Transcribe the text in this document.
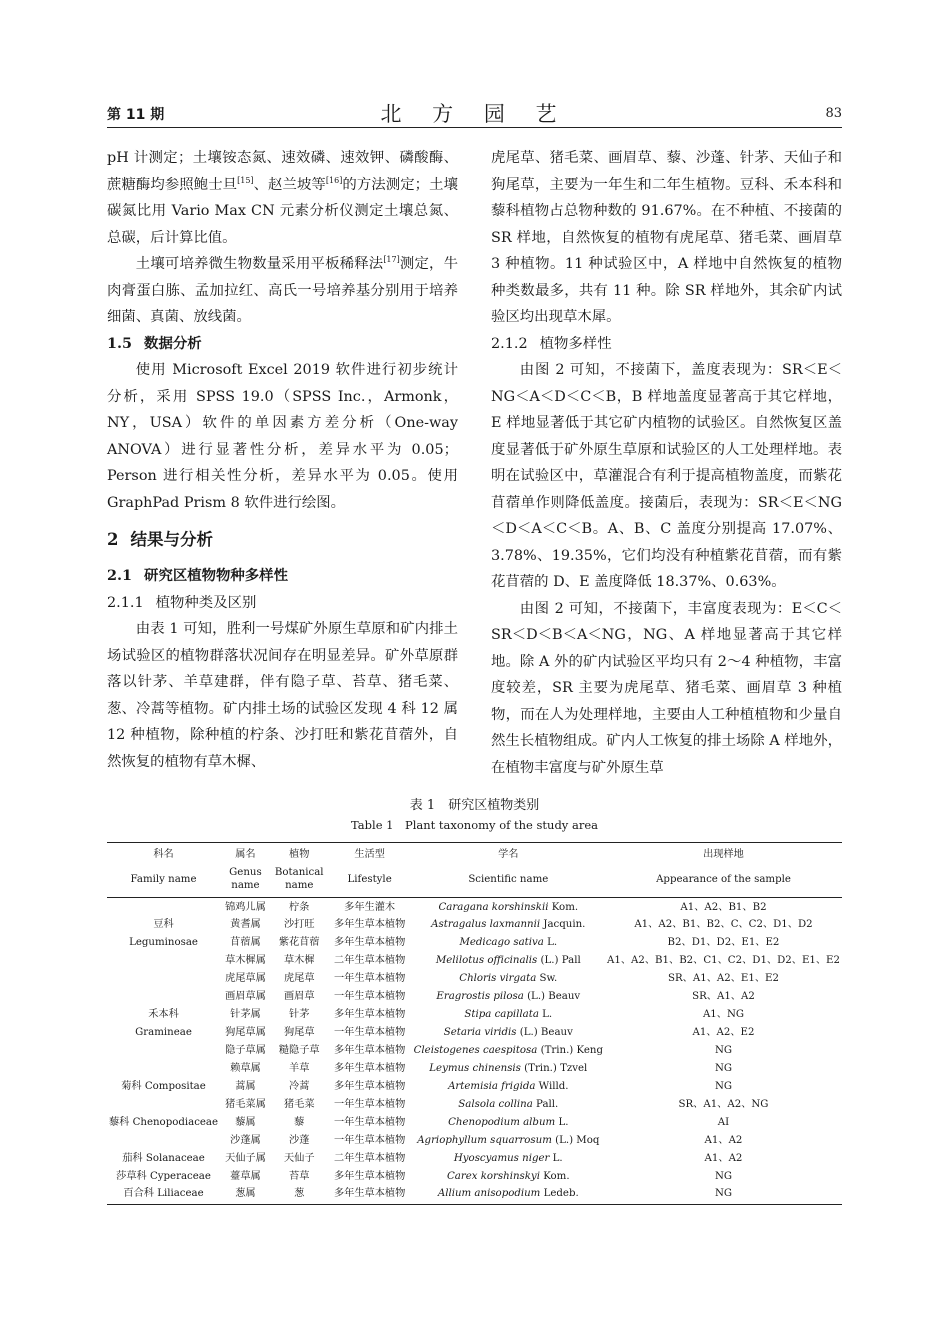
第 11 期	北 方 园 艺	83

pH 计测定；土壤铵态氮、速效磷、速效钾、磷酸酶、蔗糖酶均参照鲍士旦[15]、赵兰坡等[16]的方法测定；土壤碳氮比用 Vario Max CN 元素分析仪测定土壤总氮、总碳，后计算比值。

土壤可培养微生物数量采用平板稀释法[17]测定，牛肉膏蛋白胨、孟加拉红、高氏一号培养基分别用于培养细菌、真菌、放线菌。

1.5 数据分析

使用 Microsoft Excel 2019 软件进行初步统计分析，采用 SPSS 19.0（SPSS Inc.，Armonk，NY，USA）软件的单因素方差分析（One-way ANOVA）进行显著性分析，差异水平为 0.05；Person 进行相关性分析，差异水平为 0.05。使用 GraphPad Prism 8 软件进行绘图。

2 结果与分析
2.1 研究区植物物种多样性
2.1.1 植物种类及区别

由表 1 可知，胜利一号煤矿外原生草原和矿内排土场试验区的植物群落状况间存在明显差异。矿外草原群落以针茅、羊草建群，伴有隐子草、苔草、猪毛菜、葱、冷蒿等植物。矿内排土场的试验区发现 4 科 12 属 12 种植物，除种植的柠条、沙打旺和紫花苜蓿外，自然恢复的植物有草木樨、

虎尾草、猪毛菜、画眉草、藜、沙蓬、针茅、天仙子和狗尾草，主要为一年生和二年生植物。豆科、禾本科和藜科植物占总物种数的 91.67%。在不种植、不接菌的 SR 样地，自然恢复的植物有虎尾草、猪毛菜、画眉草 3 种植物。11 种试验区中，A 样地中自然恢复的植物种类数最多，共有 11 种。除 SR 样地外，其余矿内试验区均出现草木犀。

2.1.2 植物多样性

由图 2 可知，不接菌下，盖度表现为：SR＜E＜NG＜A＜D＜C＜B，B 样地盖度显著高于其它样地，E 样地显著低于其它矿内植物的试验区。自然恢复区盖度显著低于矿外原生草原和试验区的人工处理样地。表明在试验区中，草灌混合有利于提高植物盖度，而紫花苜蓿单作则降低盖度。接菌后，表现为：SR＜E＜NG＜D＜A＜C＜B。A、B、C 盖度分别提高 17.07%、3.78%、19.35%，它们均没有种植紫花苜蓿，而有紫花苜蓿的 D、E 盖度降低 18.37%、0.63%。

由图 2 可知，不接菌下，丰富度表现为：E＜C＜SR＜D＜B＜A＜NG，NG、A 样地显著高于其它样地。除 A 外的矿内试验区平均只有 2～4 种植物，丰富度较差，SR 主要为虎尾草、猪毛菜、画眉草 3 种植物，而在人为处理样地，主要由人工种植植物和少量自然生长植物组成。矿内人工恢复的排土场除 A 样地外，在植物丰富度与矿外原生草

表 1　研究区植物类别
Table 1　Plant taxonomy of the study area
科名	属名	植物	生活型	学名	出现样地
Family name	Genus name	Botanical name	Lifestyle	Scientific name	Appearance of the sample
	锦鸡儿属	柠条	多年生灌木	Caragana korshinskii Kom.	A1、A2、B1、B2
豆科	黄耆属	沙打旺	多年生草本植物	Astragalus laxmannii Jacquin.	A1、A2、B1、B2、C、C2、D1、D2
Leguminosae	苜蓿属	紫花苜蓿	多年生草本植物	Medicago sativa L.	B2、D1、D2、E1、E2
	草木樨属	草木樨	二年生草本植物	Melilotus officinalis (L.) Pall	A1、A2、B1、B2、C1、C2、D1、D2、E1、E2
	虎尾草属	虎尾草	一年生草本植物	Chloris virgata Sw.	SR、A1、A2、E1、E2
	画眉草属	画眉草	一年生草本植物	Eragrostis pilosa (L.) Beauv	SR、A1、A2
禾本科	针茅属	针茅	多年生草本植物	Stipa capillata L.	A1、NG
Gramineae	狗尾草属	狗尾草	一年生草本植物	Setaria viridis (L.) Beauv	A1、A2、E2
	隐子草属	糙隐子草	多年生草本植物	Cleistogenes caespitosa (Trin.) Keng	NG
	赖草属	羊草	多年生草本植物	Leymus chinensis (Trin.) Tzvel	NG
菊科 Compositae	蒿属	冷蒿	多年生草本植物	Artemisia frigida Willd.	NG
	猪毛菜属	猪毛菜	一年生草本植物	Salsola collina Pall.	SR、A1、A2、NG
藜科 Chenopodiaceae	藜属	藜	一年生草本植物	Chenopodium album L.	AI
	沙蓬属	沙蓬	一年生草本植物	Agriophyllum squarrosum (L.) Moq	A1、A2
茄科 Solanaceae	天仙子属	天仙子	二年生草本植物	Hyoscyamus niger L.	A1、A2
莎草科 Cyperaceae	薹草属	苔草	多年生草本植物	Carex korshinskyi Kom.	NG
百合科 Liliaceae	葱属	葱	多年生草本植物	Allium anisopodium Ledeb.	NG
